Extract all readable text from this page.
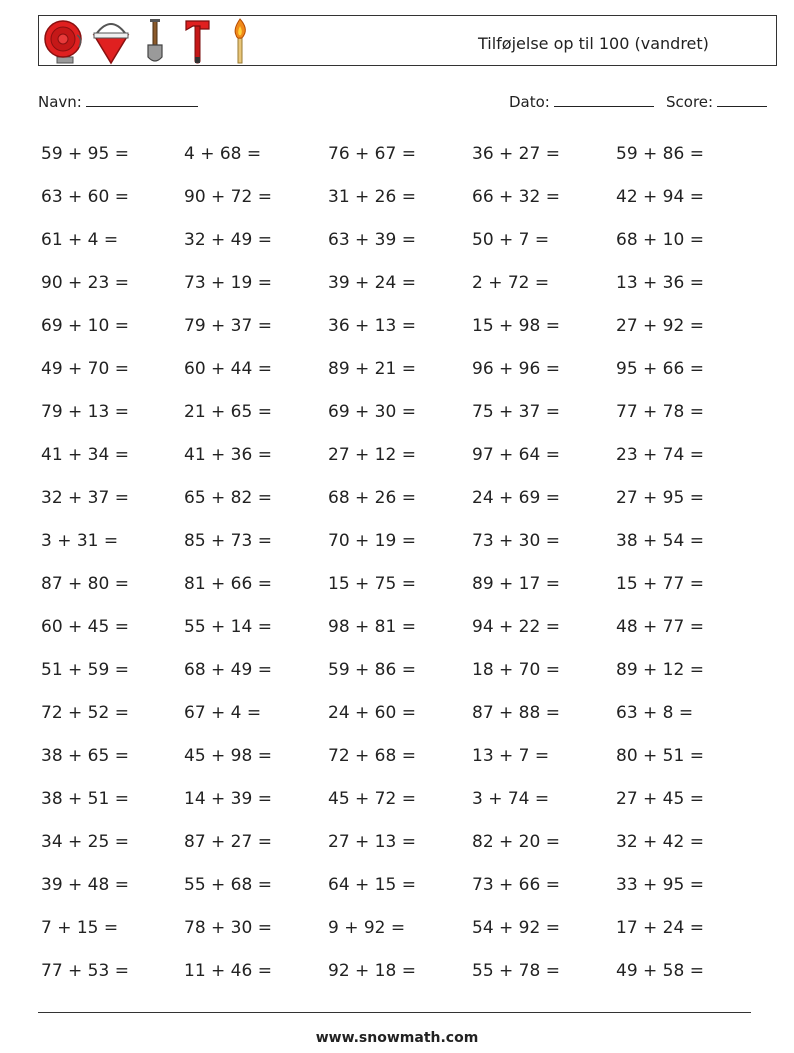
Tilføjelse op til 100 (vandret)
Navn:	Dato:	Score:
59 + 95 =	4 + 68 =	76 + 67 =	36 + 27 =	59 + 86 =
63 + 60 =	90 + 72 =	31 + 26 =	66 + 32 =	42 + 94 =
61 + 4 =	32 + 49 =	63 + 39 =	50 + 7 =	68 + 10 =
90 + 23 =	73 + 19 =	39 + 24 =	2 + 72 =	13 + 36 =
69 + 10 =	79 + 37 =	36 + 13 =	15 + 98 =	27 + 92 =
49 + 70 =	60 + 44 =	89 + 21 =	96 + 96 =	95 + 66 =
79 + 13 =	21 + 65 =	69 + 30 =	75 + 37 =	77 + 78 =
41 + 34 =	41 + 36 =	27 + 12 =	97 + 64 =	23 + 74 =
32 + 37 =	65 + 82 =	68 + 26 =	24 + 69 =	27 + 95 =
3 + 31 =	85 + 73 =	70 + 19 =	73 + 30 =	38 + 54 =
87 + 80 =	81 + 66 =	15 + 75 =	89 + 17 =	15 + 77 =
60 + 45 =	55 + 14 =	98 + 81 =	94 + 22 =	48 + 77 =
51 + 59 =	68 + 49 =	59 + 86 =	18 + 70 =	89 + 12 =
72 + 52 =	67 + 4 =	24 + 60 =	87 + 88 =	63 + 8 =
38 + 65 =	45 + 98 =	72 + 68 =	13 + 7 =	80 + 51 =
38 + 51 =	14 + 39 =	45 + 72 =	3 + 74 =	27 + 45 =
34 + 25 =	87 + 27 =	27 + 13 =	82 + 20 =	32 + 42 =
39 + 48 =	55 + 68 =	64 + 15 =	73 + 66 =	33 + 95 =
7 + 15 =	78 + 30 =	9 + 92 =	54 + 92 =	17 + 24 =
77 + 53 =	11 + 46 =	92 + 18 =	55 + 78 =	49 + 58 =
www.snowmath.com
